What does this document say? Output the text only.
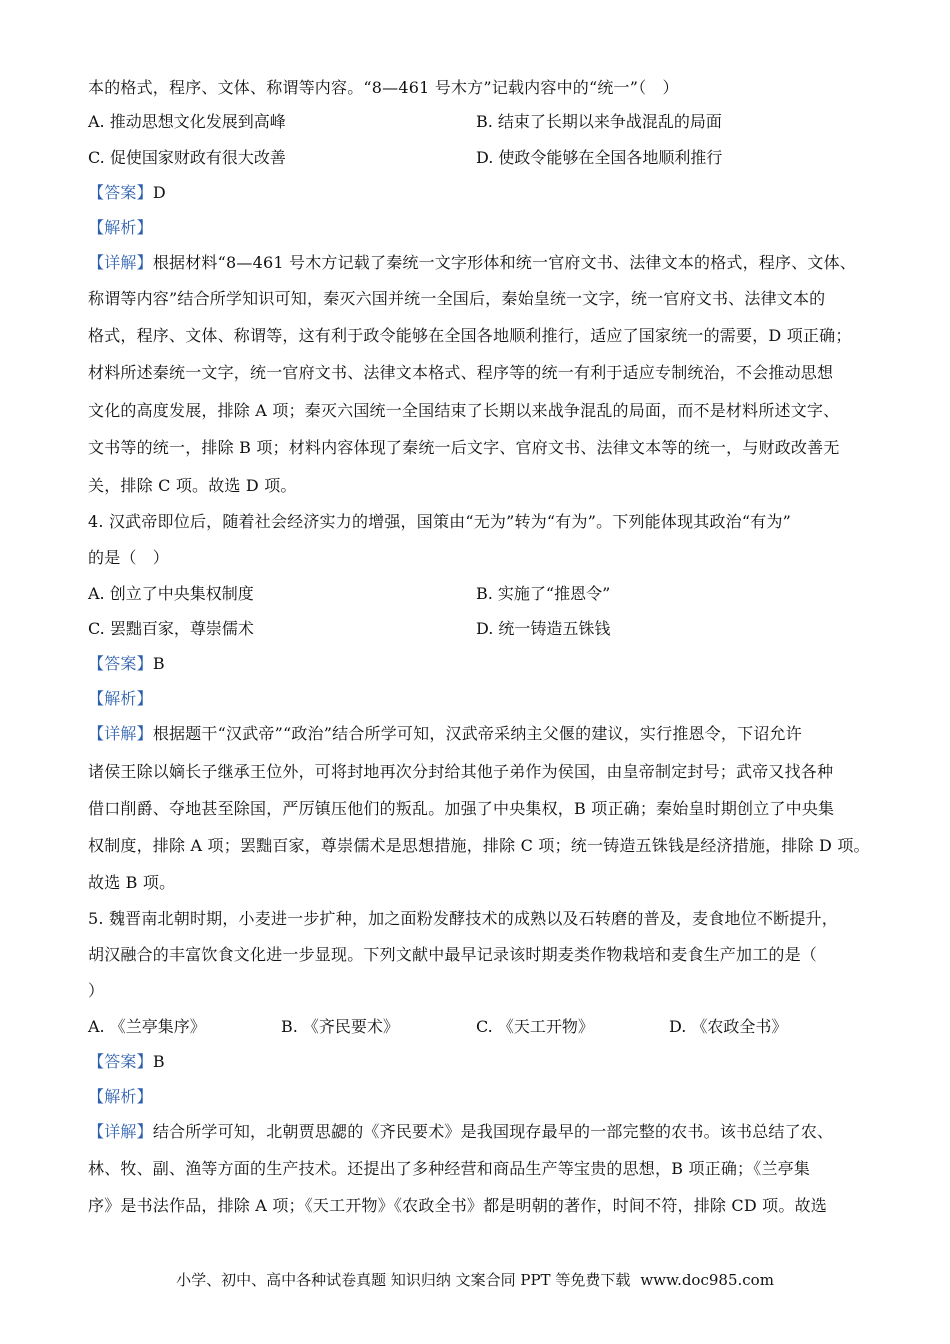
本的格式，程序、文体、称谓等内容。“8—461 号木方”记载内容中的“统一”（　）
A. 推动思想文化发展到高峰	B. 结束了长期以来争战混乱的局面
C. 促使国家财政有很大改善	D. 使政令能够在全国各地顺利推行
【答案】D
【解析】
【详解】根据材料“8—461 号木方记载了秦统一文字形体和统一官府文书、法律文本的格式，程序、文体、
称谓等内容”结合所学知识可知，秦灭六国并统一全国后，秦始皇统一文字，统一官府文书、法律文本的
格式，程序、文体、称谓等，这有利于政令能够在全国各地顺利推行，适应了国家统一的需要，D 项正确；
材料所述秦统一文字，统一官府文书、法律文本格式、程序等的统一有利于适应专制统治，不会推动思想
文化的高度发展，排除 A 项；秦灭六国统一全国结束了长期以来战争混乱的局面，而不是材料所述文字、
文书等的统一，排除 B 项；材料内容体现了秦统一后文字、官府文书、法律文本等的统一，与财政改善无
关，排除 C 项。故选 D 项。
4. 汉武帝即位后，随着社会经济实力的增强，国策由“无为”转为“有为”。下列能体现其政治“有为”
的是（　）
A. 创立了中央集权制度	B. 实施了“推恩令”
C. 罢黜百家，尊崇儒术	D. 统一铸造五铢钱
【答案】B
【解析】
【详解】根据题干“汉武帝”“政治”结合所学可知，汉武帝采纳主父偃的建议，实行推恩令，下诏允许
诸侯王除以嫡长子继承王位外，可将封地再次分封给其他子弟作为侯国，由皇帝制定封号；武帝又找各种
借口削爵、夺地甚至除国，严厉镇压他们的叛乱。加强了中央集权，B 项正确；秦始皇时期创立了中央集
权制度，排除 A 项；罢黜百家，尊崇儒术是思想措施，排除 C 项；统一铸造五铢钱是经济措施，排除 D 项。
故选 B 项。
5. 魏晋南北朝时期，小麦进一步扩种，加之面粉发酵技术的成熟以及石转磨的普及，麦食地位不断提升，
胡汉融合的丰富饮食文化进一步显现。下列文献中最早记录该时期麦类作物栽培和麦食生产加工的是（
）
A. 《兰亭集序》	B. 《齐民要术》	C. 《天工开物》	D. 《农政全书》
【答案】B
【解析】
【详解】结合所学可知，北朝贾思勰的《齐民要术》是我国现存最早的一部完整的农书。该书总结了农、
林、牧、副、渔等方面的生产技术。还提出了多种经营和商品生产等宝贵的思想，B 项正确；《兰亭集
序》是书法作品，排除 A 项；《天工开物》《农政全书》都是明朝的著作，时间不符，排除 CD 项。故选
小学、初中、高中各种试卷真题 知识归纳 文案合同 PPT 等免费下载 www.doc985.com
